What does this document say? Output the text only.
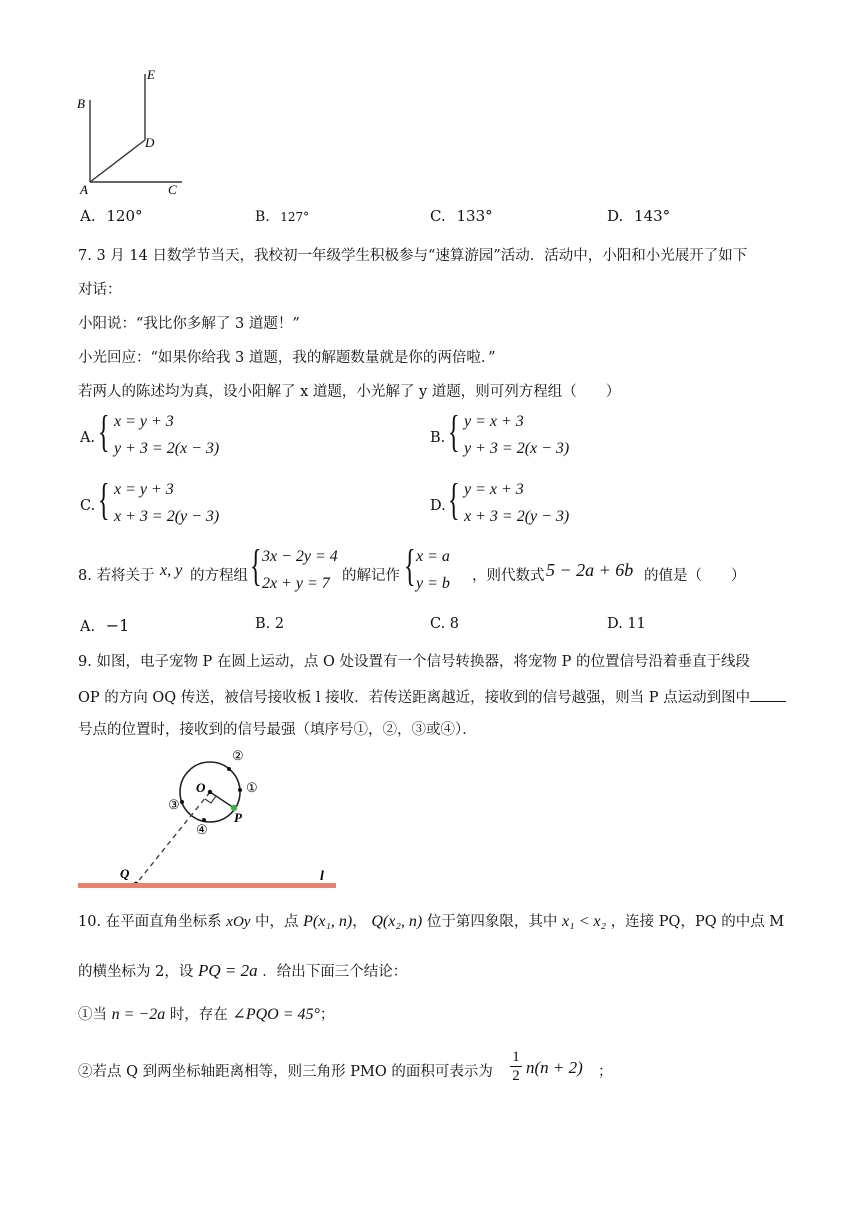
B
A	C
D
E
A. 120°	B. 127°	C. 133°	D. 143°
7. 3 月 14 日数学节当天，我校初一年级学生积极参与“速算游园”活动．活动中，小阳和小光展开了如下
对话：
小阳说：“我比你多解了 3 道题！”
小光回应：“如果你给我 3 道题，我的解题数量就是你的两倍啦．”
若两人的陈述均为真，设小阳解了 x 道题，小光解了 y 道题，则可列方程组（　　）
A. { x = y + 3
y + 3 = 2(x − 3)
B. { y = x + 3
y + 3 = 2(x − 3)
C. { x = y + 3
x + 3 = 2(y − 3)
D. { y = x + 3
x + 3 = 2(y − 3)
8. 若将关于 x, y 的方程组 { 3x − 2y = 4
2x + y = 7 的解记作 { x = a
y = b ，则代数式 5 − 2a + 6b 的值是（　　）
A. −1	B. 2	C. 8	D. 11
9. 如图，电子宠物 P 在圆上运动，点 O 处设置有一个信号转换器，将宠物 P 的位置信号沿着垂直于线段
OP 的方向 OQ 传送，被信号接收板 l 接收．若传送距离越近，接收到的信号越强，则当 P 点运动到图中
号点的位置时，接收到的信号最强（填序号①，②，③或④）．
O
P
Q	l
②
①
③
④
10. 在平面直角坐标系 xOy 中，点 P(x₁, n)， Q(x₂, n) 位于第四象限，其中 x₁ < x₂ ，连接 PQ，PQ 的中点 M
的横坐标为 2，设 PQ = 2a ．给出下面三个结论：
①当 n = −2a 时，存在 ∠PQO = 45°；
②若点 Q 到两坐标轴距离相等，则三角形 PMO 的面积可表示为 $\frac{1}{2} n(n + 2)$ ；
